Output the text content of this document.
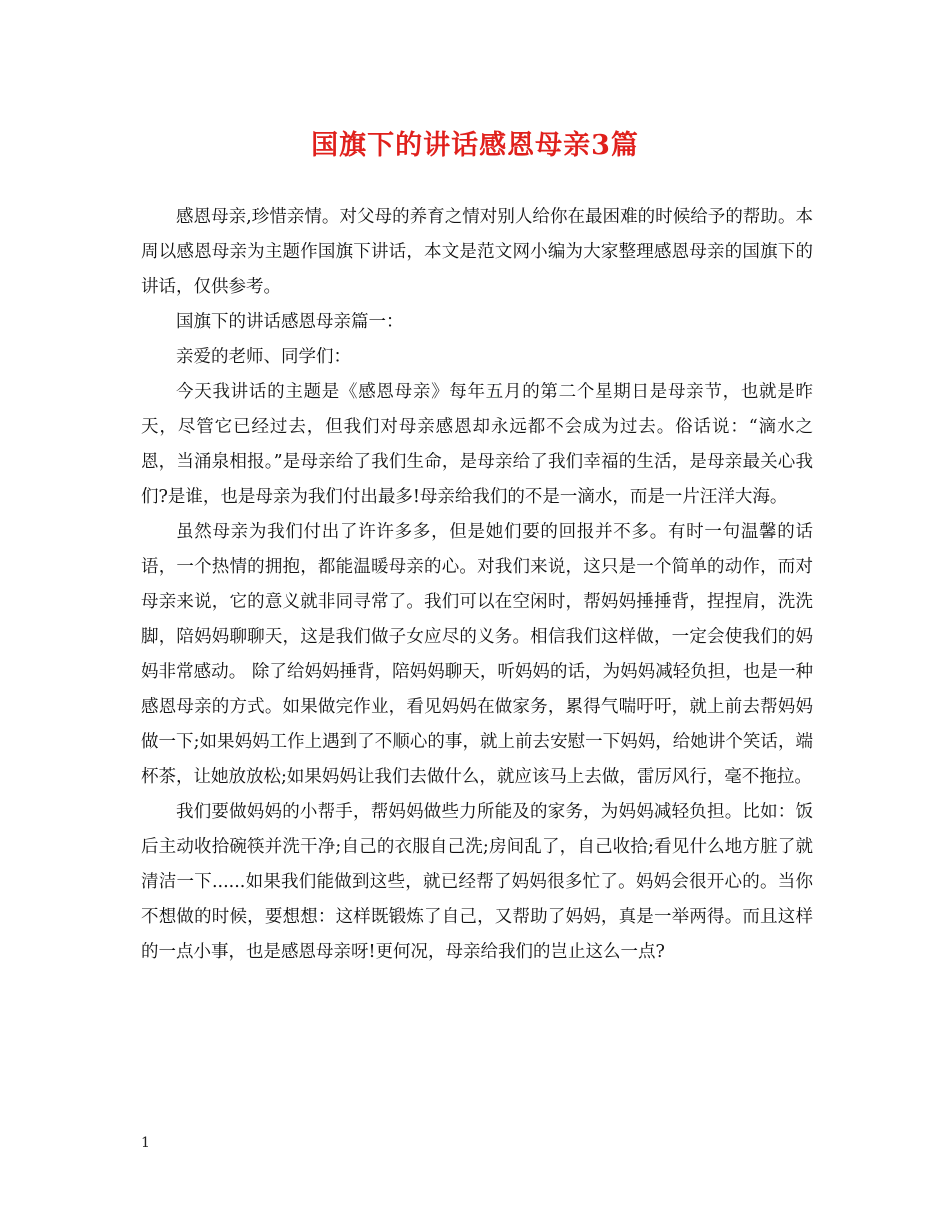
国旗下的讲话感恩母亲3篇

感恩母亲,珍惜亲情。对父母的养育之情对别人给你在最困难的时候给予的帮助。本周以感恩母亲为主题作国旗下讲话，本文是范文网小编为大家整理感恩母亲的国旗下的讲话，仅供参考。

国旗下的讲话感恩母亲篇一：

亲爱的老师、同学们：

今天我讲话的主题是《感恩母亲》每年五月的第二个星期日是母亲节，也就是昨天，尽管它已经过去，但我们对母亲感恩却永远都不会成为过去。俗话说：“滴水之恩，当涌泉相报。”是母亲给了我们生命，是母亲给了我们幸福的生活，是母亲最关心我们?是谁，也是母亲为我们付出最多!母亲给我们的不是一滴水，而是一片汪洋大海。

虽然母亲为我们付出了许许多多，但是她们要的回报并不多。有时一句温馨的话语，一个热情的拥抱，都能温暖母亲的心。对我们来说，这只是一个简单的动作，而对母亲来说，它的意义就非同寻常了。我们可以在空闲时，帮妈妈捶捶背，捏捏肩，洗洗脚，陪妈妈聊聊天，这是我们做子女应尽的义务。相信我们这样做，一定会使我们的妈妈非常感动。 除了给妈妈捶背，陪妈妈聊天，听妈妈的话，为妈妈减轻负担，也是一种感恩母亲的方式。如果做完作业，看见妈妈在做家务，累得气喘吁吁，就上前去帮妈妈做一下;如果妈妈工作上遇到了不顺心的事，就上前去安慰一下妈妈，给她讲个笑话，端杯茶，让她放放松;如果妈妈让我们去做什么，就应该马上去做，雷厉风行，毫不拖拉。

我们要做妈妈的小帮手，帮妈妈做些力所能及的家务，为妈妈减轻负担。比如：饭后主动收拾碗筷并洗干净;自己的衣服自己洗;房间乱了，自己收拾;看见什么地方脏了就清洁一下......如果我们能做到这些，就已经帮了妈妈很多忙了。妈妈会很开心的。当你不想做的时候，要想想：这样既锻炼了自己，又帮助了妈妈，真是一举两得。而且这样的一点小事，也是感恩母亲呀!更何况，母亲给我们的岂止这么一点?

1
